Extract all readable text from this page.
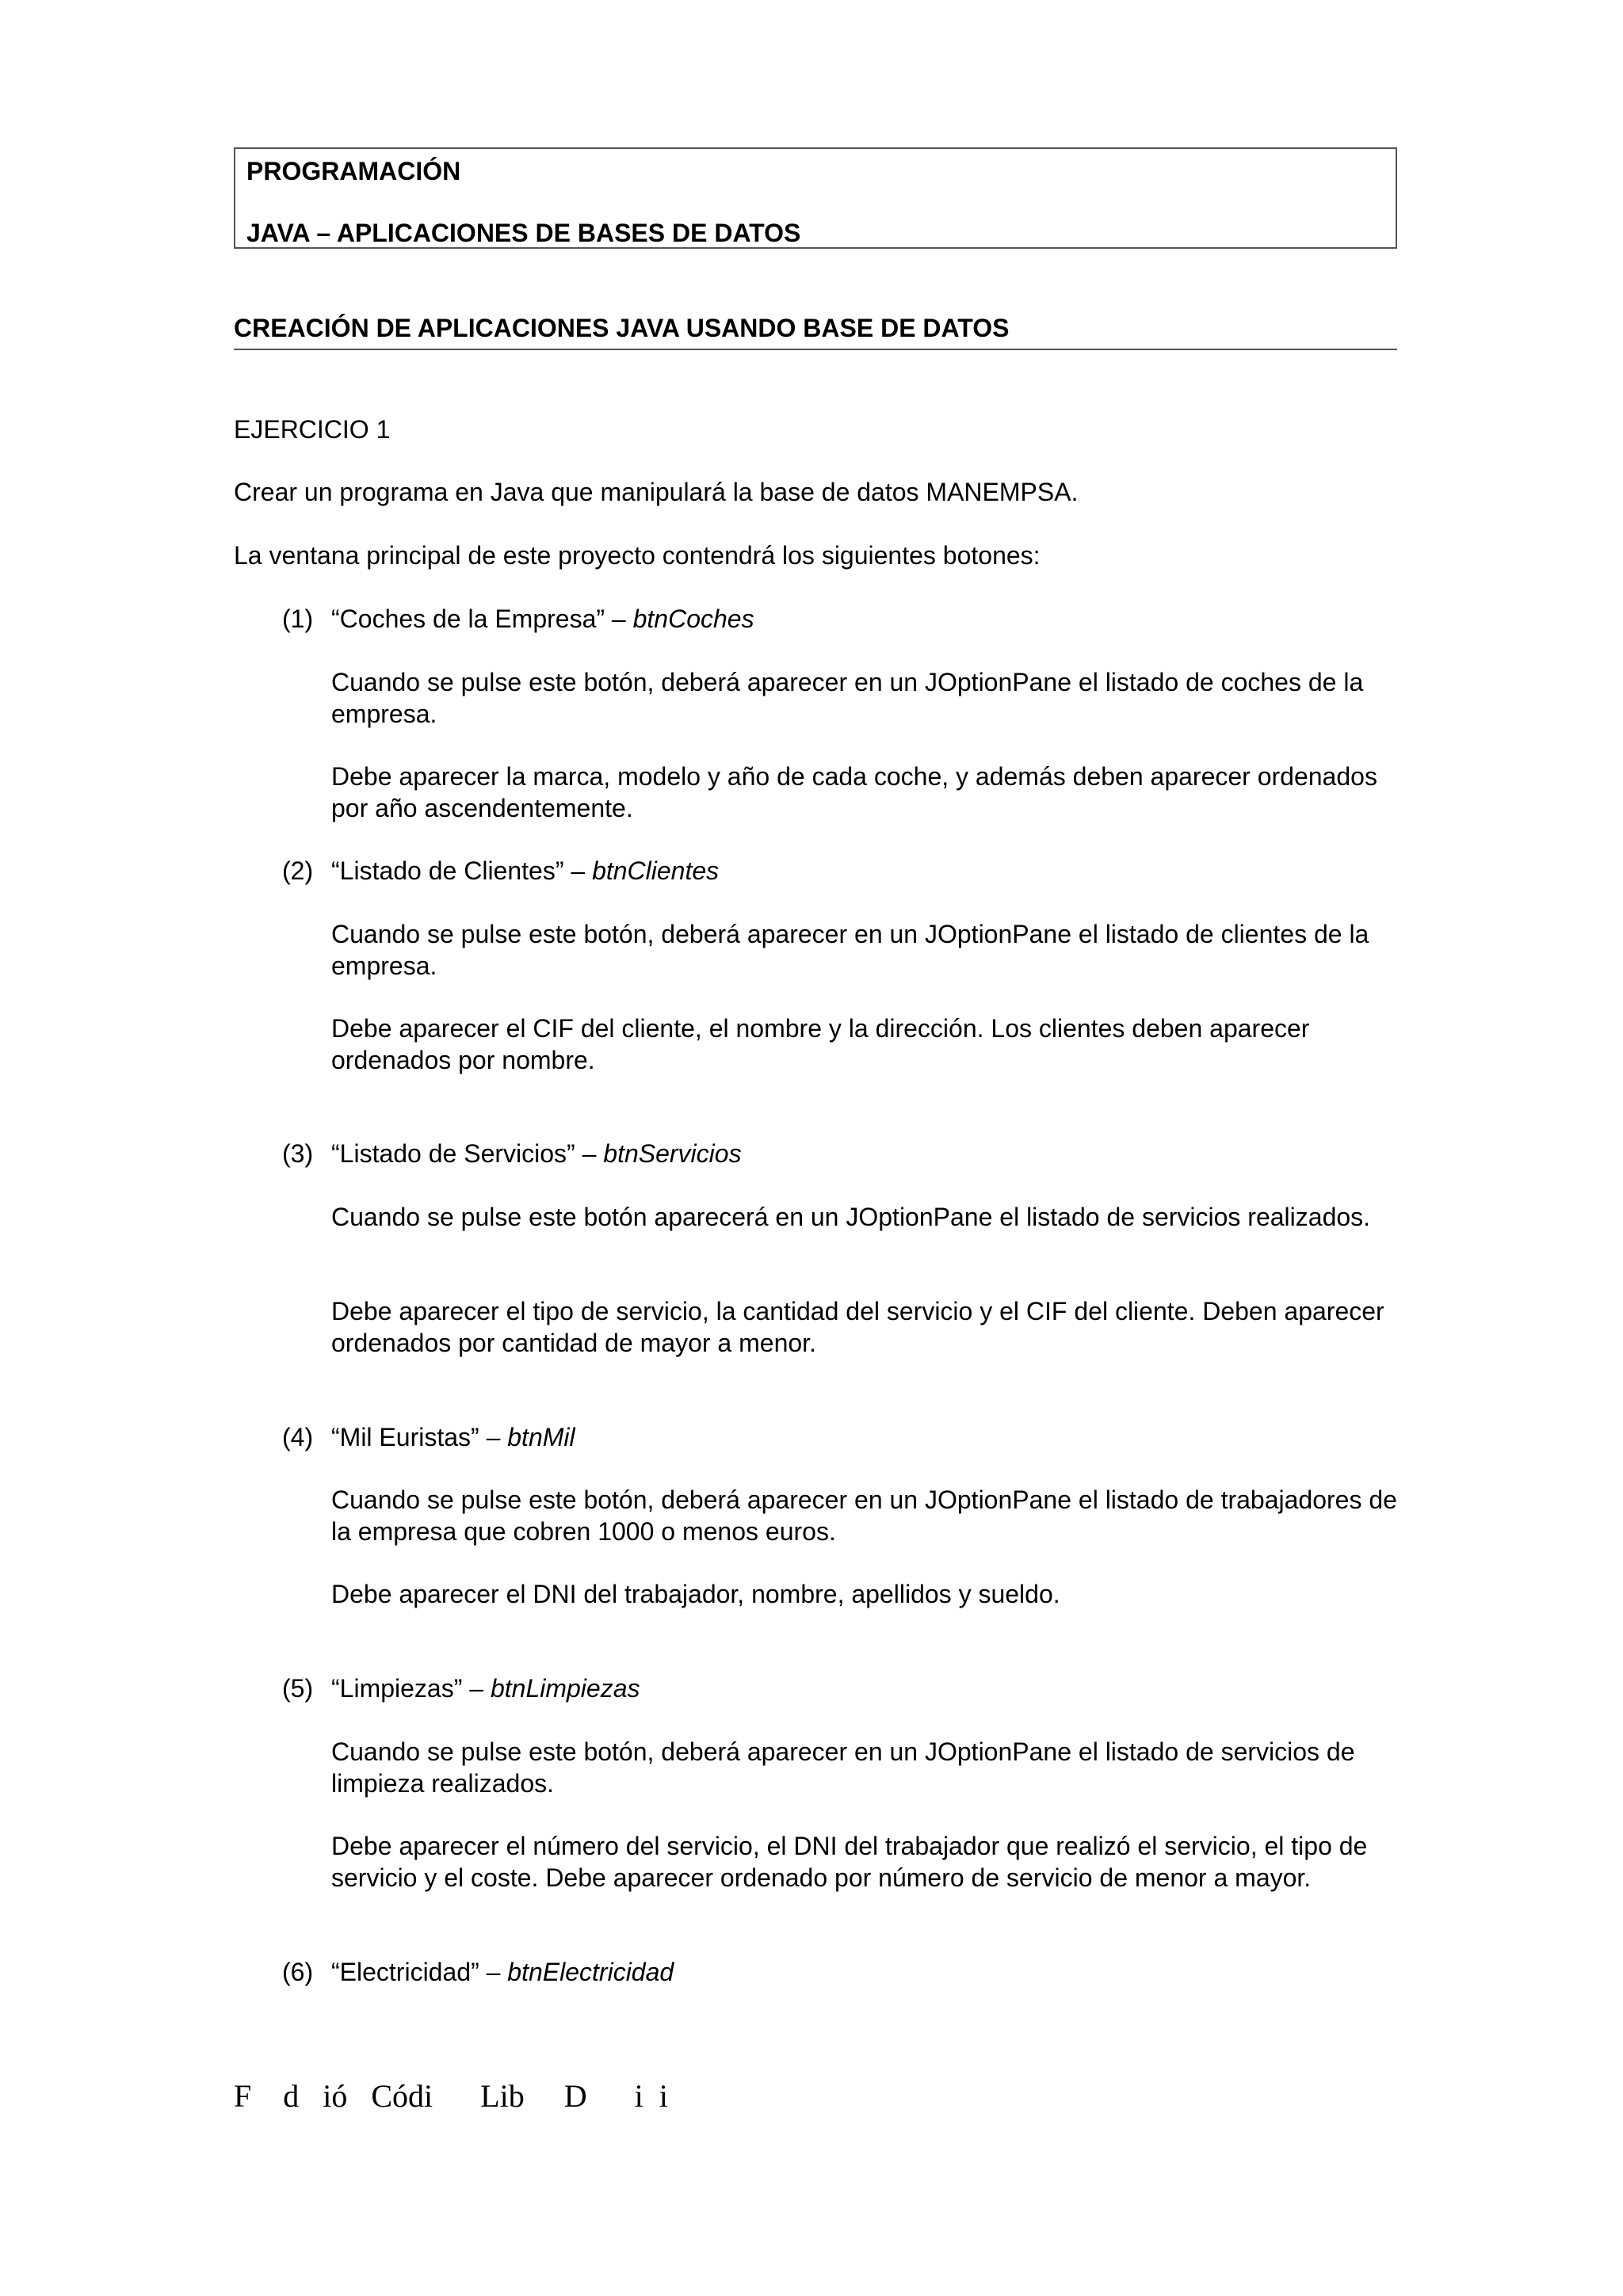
PROGRAMACIÓN
JAVA – APLICACIONES DE BASES DE DATOS
CREACIÓN DE APLICACIONES JAVA USANDO BASE DE DATOS
EJERCICIO 1
Crear un programa en Java que manipulará la base de datos MANEMPSA.
La ventana principal de este proyecto contendrá los siguientes botones:
(1) “Coches de la Empresa” – btnCoches
Cuando se pulse este botón, deberá aparecer en un JOptionPane el listado de coches de la empresa.
Debe aparecer la marca, modelo y año de cada coche, y además deben aparecer ordenados por año ascendentemente.
(2) “Listado de Clientes” – btnClientes
Cuando se pulse este botón, deberá aparecer en un JOptionPane el listado de clientes de la empresa.
Debe aparecer el CIF del cliente, el nombre y la dirección. Los clientes deben aparecer ordenados por nombre.
(3) “Listado de Servicios” – btnServicios
Cuando se pulse este botón aparecerá en un JOptionPane el listado de servicios realizados.
Debe aparecer el tipo de servicio, la cantidad del servicio y el CIF del cliente. Deben aparecer ordenados por cantidad de mayor a menor.
(4) “Mil Euristas” – btnMil
Cuando se pulse este botón, deberá aparecer en un JOptionPane el listado de trabajadores de la empresa que cobren 1000 o menos euros.
Debe aparecer el DNI del trabajador, nombre, apellidos y sueldo.
(5) “Limpiezas” – btnLimpiezas
Cuando se pulse este botón, deberá aparecer en un JOptionPane el listado de servicios de limpieza realizados.
Debe aparecer el número del servicio, el DNI del trabajador que realizó el servicio, el tipo de servicio y el coste. Debe aparecer ordenado por número de servicio de menor a mayor.
(6) “Electricidad” – btnElectricidad
F    d   ió   Códi      Lib     D      i  i
